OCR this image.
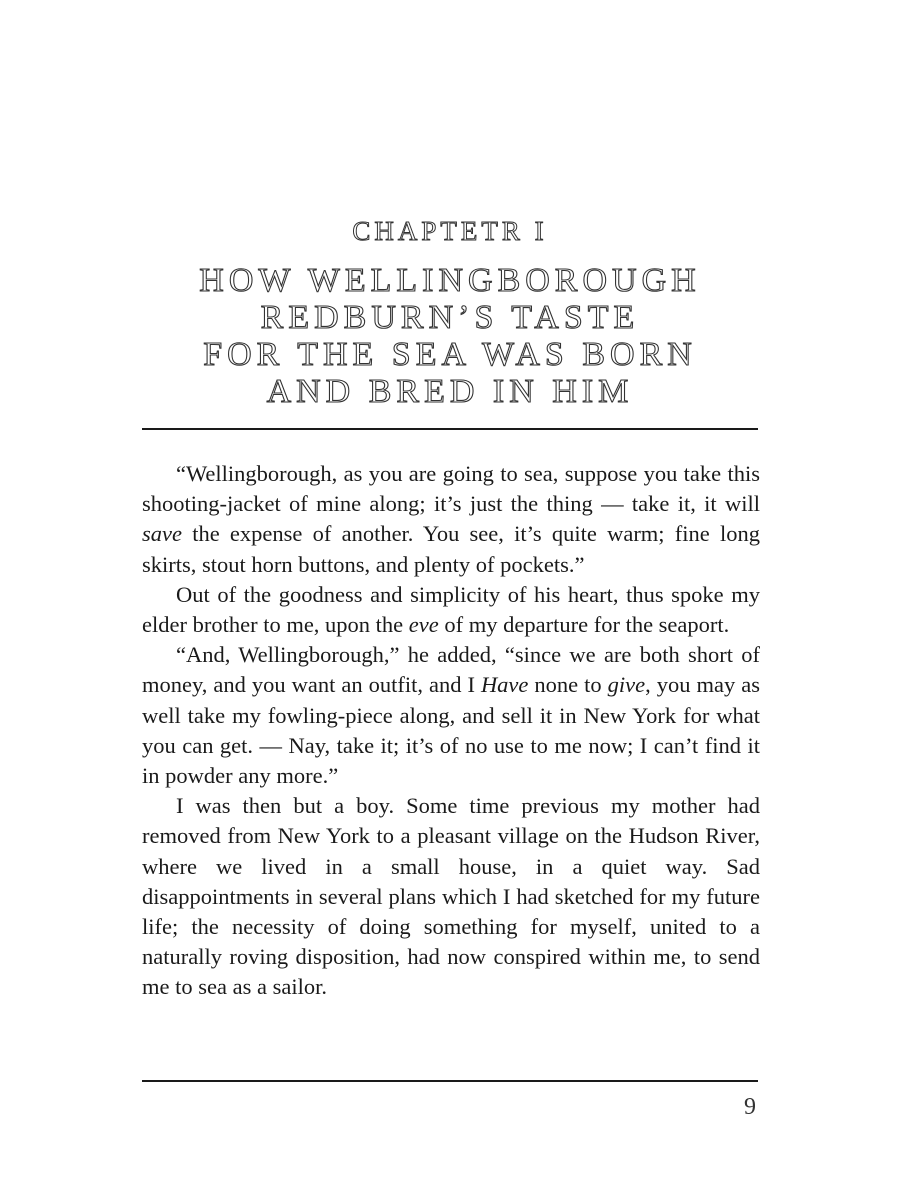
CHAPTETR I
HOW WELLINGBOROUGH
REDBURN’S TASTE
FOR THE SEA WAS BORN
AND BRED IN HIM

“Wellingborough, as you are going to sea, suppose you take this shooting-jacket of mine along; it’s just the thing — take it, it will save the expense of another. You see, it’s quite warm; fine long skirts, stout horn buttons, and plenty of pockets.”

Out of the goodness and simplicity of his heart, thus spoke my elder brother to me, upon the eve of my departure for the seaport.

“And, Wellingborough,” he added, “since we are both short of money, and you want an outfit, and I Have none to give, you may as well take my fowling-piece along, and sell it in New York for what you can get. — Nay, take it; it’s of no use to me now; I can’t find it in powder any more.”

I was then but a boy. Some time previous my mother had removed from New York to a pleasant village on the Hudson River, where we lived in a small house, in a quiet way. Sad disappointments in several plans which I had sketched for my future life; the necessity of doing something for myself, united to a naturally roving disposition, had now conspired within me, to send me to sea as a sailor.

9
